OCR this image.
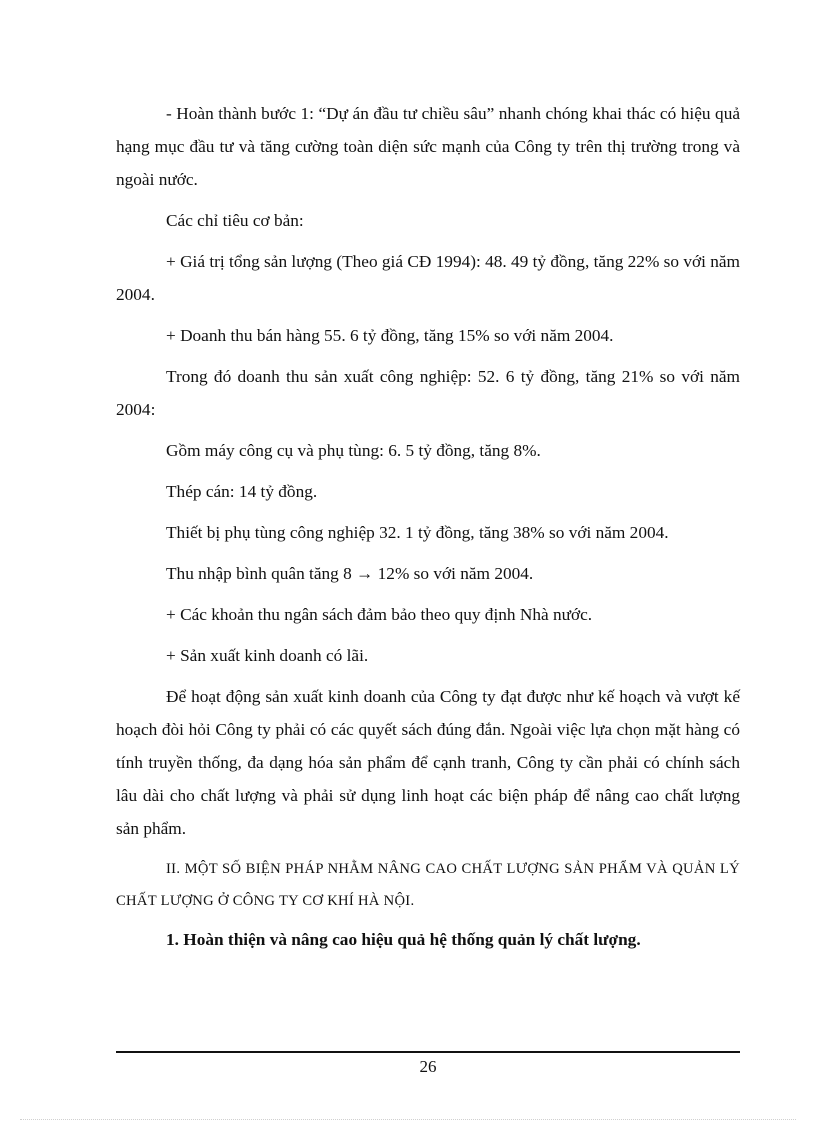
- Hoàn thành bước 1: “Dự án đầu tư chiều sâu” nhanh chóng khai thác có hiệu quả hạng mục đầu tư và tăng cường toàn diện sức mạnh của Công ty trên thị trường trong và ngoài nước.

Các chỉ tiêu cơ bản:

+ Giá trị tổng sản lượng (Theo giá CĐ 1994): 48. 49 tỷ đồng, tăng 22% so với năm 2004.

+ Doanh thu bán hàng 55. 6 tỷ đồng, tăng 15% so với năm 2004.

Trong đó doanh thu sản xuất công nghiệp: 52. 6 tỷ đồng, tăng 21% so với năm 2004:

Gồm máy công cụ và phụ tùng: 6. 5 tỷ đồng, tăng 8%.

Thép cán: 14 tỷ đồng.

Thiết bị phụ tùng công nghiệp 32. 1 tỷ đồng, tăng 38% so với năm 2004.

Thu nhập bình quân tăng 8 → 12% so với năm 2004.

+ Các khoản thu ngân sách đảm bảo theo quy định Nhà nước.

+ Sản xuất kinh doanh có lãi.

Để hoạt động sản xuất kinh doanh của Công ty đạt được như kế hoạch và vượt kế hoạch đòi hỏi Công ty phải có các quyết sách đúng đắn. Ngoài việc lựa chọn mặt hàng có tính truyền thống, đa dạng hóa sản phẩm để cạnh tranh, Công ty cần phải có chính sách lâu dài cho chất lượng và phải sử dụng linh hoạt các biện pháp để nâng cao chất lượng sản phẩm.

II. MỘT SỐ BIỆN PHÁP NHẰM NÂNG CAO CHẤT LƯỢNG SẢN PHẨM VÀ QUẢN LÝ CHẤT LƯỢNG Ở CÔNG TY CƠ KHÍ HÀ NỘI.

1. Hoàn thiện và nâng cao hiệu quả hệ thống quản lý chất lượng.

26
